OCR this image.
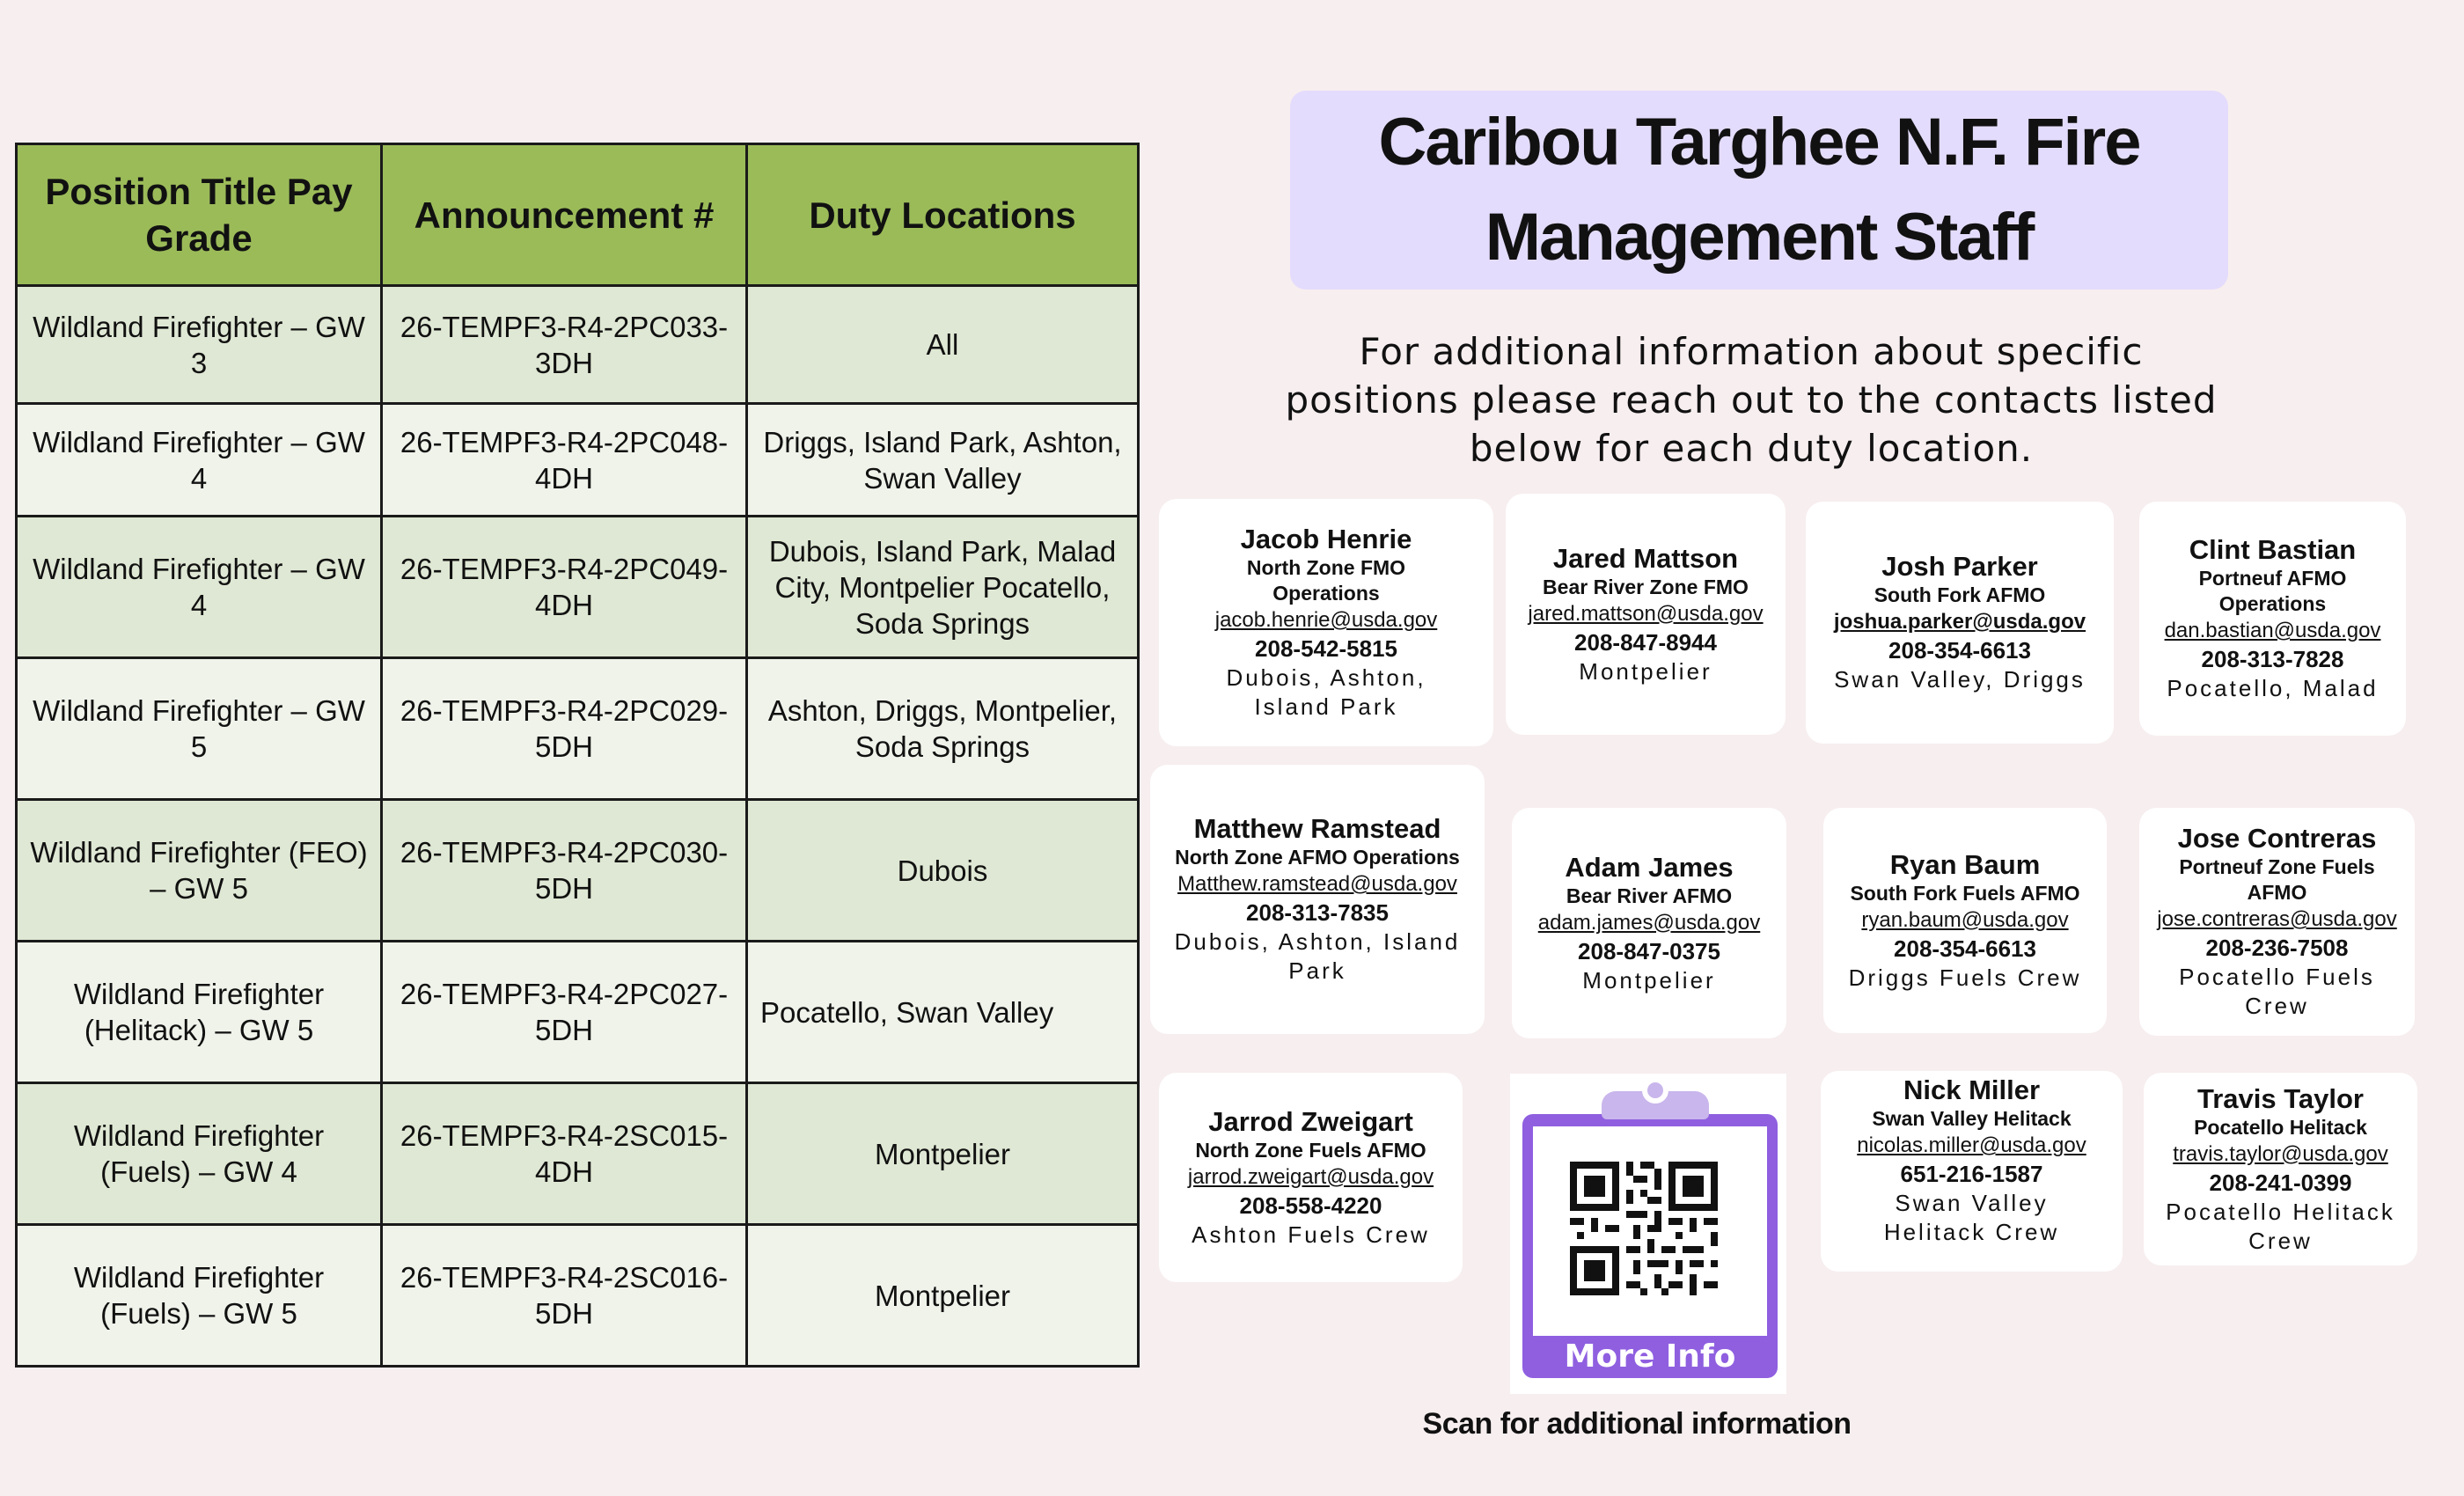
Position Title Pay Grade	Announcement #	Duty Locations
Wildland Firefighter – GW 3	26-TEMPF3-R4-2PC033-3DH	All
Wildland Firefighter – GW 4	26-TEMPF3-R4-2PC048-4DH	Driggs, Island Park, Ashton, Swan Valley
Wildland Firefighter – GW 4	26-TEMPF3-R4-2PC049-4DH	Dubois, Island Park, Malad City, Montpelier Pocatello, Soda Springs
Wildland Firefighter – GW 5	26-TEMPF3-R4-2PC029-5DH	Ashton, Driggs, Montpelier, Soda Springs
Wildland Firefighter (FEO) – GW 5	26-TEMPF3-R4-2PC030-5DH	Dubois
Wildland Firefighter (Helitack) – GW 5	26-TEMPF3-R4-2PC027-5DH	Pocatello, Swan Valley
Wildland Firefighter (Fuels) – GW 4	26-TEMPF3-R4-2SC015-4DH	Montpelier
Wildland Firefighter (Fuels) – GW 5	26-TEMPF3-R4-2SC016-5DH	Montpelier
Caribou Targhee N.F. Fire Management Staff
For additional information about specific positions please reach out to the contacts listed below for each duty location.
Jacob Henrie
North Zone FMO Operations
jacob.henrie@usda.gov
208-542-5815
Dubois, Ashton, Island Park
Jared Mattson
Bear River Zone FMO
jared.mattson@usda.gov
208-847-8944
Montpelier
Josh Parker
South Fork AFMO
joshua.parker@usda.gov
208-354-6613
Swan Valley, Driggs
Clint Bastian
Portneuf AFMO Operations
dan.bastian@usda.gov
208-313-7828
Pocatello, Malad
Matthew Ramstead
North Zone AFMO Operations
Matthew.ramstead@usda.gov
208-313-7835
Dubois, Ashton, Island Park
Adam James
Bear River AFMO
adam.james@usda.gov
208-847-0375
Montpelier
Ryan Baum
South Fork Fuels AFMO
ryan.baum@usda.gov
208-354-6613
Driggs Fuels Crew
Jose Contreras
Portneuf Zone Fuels AFMO
jose.contreras@usda.gov
208-236-7508
Pocatello Fuels Crew
Jarrod Zweigart
North Zone Fuels AFMO
jarrod.zweigart@usda.gov
208-558-4220
Ashton Fuels Crew
Nick Miller
Swan Valley Helitack
nicolas.miller@usda.gov
651-216-1587
Swan Valley Helitack Crew
Travis Taylor
Pocatello Helitack
travis.taylor@usda.gov
208-241-0399
Pocatello Helitack Crew
More Info
Scan for additional information
